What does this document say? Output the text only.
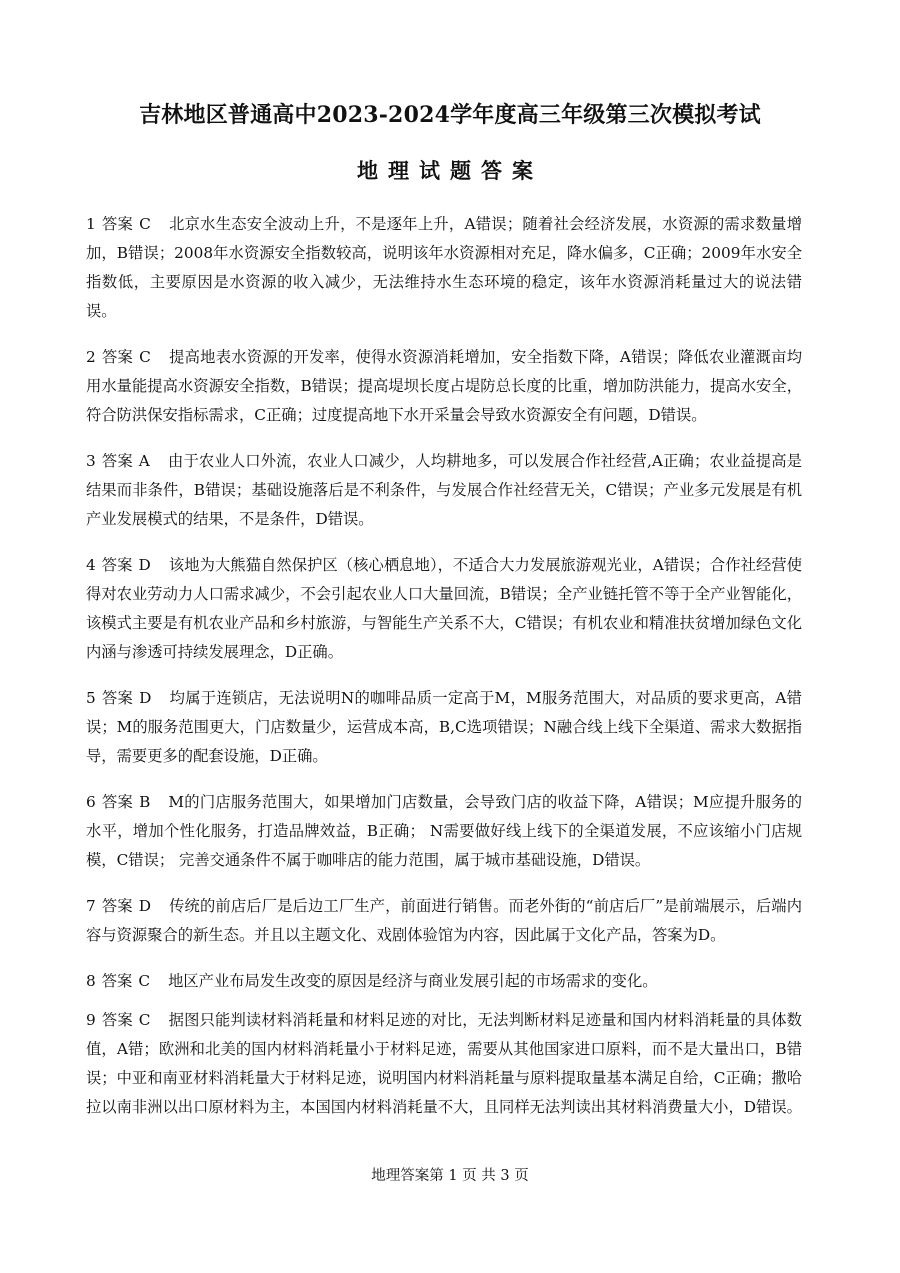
吉林地区普通高中2023-2024学年度高三年级第三次模拟考试
地理试题答案

1 答案 C 北京水生态安全波动上升，不是逐年上升，A错误；随着社会经济发展，水资源的需求数量增加，B错误；2008年水资源安全指数较高，说明该年水资源相对充足，降水偏多，C正确；2009年水安全指数低，主要原因是水资源的收入减少，无法维持水生态环境的稳定，该年水资源消耗量过大的说法错误。

2 答案 C 提高地表水资源的开发率，使得水资源消耗增加，安全指数下降，A错误；降低农业灌溉亩均用水量能提高水资源安全指数，B错误；提高堤坝长度占堤防总长度的比重，增加防洪能力，提高水安全，符合防洪保安指标需求，C正确；过度提高地下水开采量会导致水资源安全有问题，D错误。

3 答案 A 由于农业人口外流，农业人口减少，人均耕地多，可以发展合作社经营,A正确；农业益提高是结果而非条件，B错误；基础设施落后是不利条件，与发展合作社经营无关，C错误；产业多元发展是有机产业发展模式的结果，不是条件，D错误。

4 答案 D 该地为大熊猫自然保护区（核心栖息地），不适合大力发展旅游观光业，A错误；合作社经营使得对农业劳动力人口需求减少，不会引起农业人口大量回流，B错误；全产业链托管不等于全产业智能化，该模式主要是有机农业产品和乡村旅游，与智能生产关系不大，C错误；有机农业和精准扶贫增加绿色文化内涵与渗透可持续发展理念，D正确。

5 答案 D 均属于连锁店，无法说明N的咖啡品质一定高于M，M服务范围大，对品质的要求更高，A错误；M的服务范围更大，门店数量少，运营成本高，B,C选项错误；N融合线上线下全渠道、需求大数据指导，需要更多的配套设施，D正确。

6 答案 B M的门店服务范围大，如果增加门店数量，会导致门店的收益下降，A错误；M应提升服务的水平，增加个性化服务，打造品牌效益，B正确； N需要做好线上线下的全渠道发展，不应该缩小门店规模，C错误； 完善交通条件不属于咖啡店的能力范围，属于城市基础设施，D错误。

7 答案 D 传统的前店后厂是后边工厂生产，前面进行销售。而老外街的“前店后厂”是前端展示，后端内容与资源聚合的新生态。并且以主题文化、戏剧体验馆为内容，因此属于文化产品，答案为D。

8 答案 C 地区产业布局发生改变的原因是经济与商业发展引起的市场需求的变化。

9 答案 C 据图只能判读材料消耗量和材料足迹的对比，无法判断材料足迹量和国内材料消耗量的具体数值，A错；欧洲和北美的国内材料消耗量小于材料足迹，需要从其他国家进口原料，而不是大量出口，B错误；中亚和南亚材料消耗量大于材料足迹，说明国内材料消耗量与原料提取量基本满足自给，C正确；撒哈拉以南非洲以出口原材料为主，本国国内材料消耗量不大，且同样无法判读出其材料消费量大小，D错误。

地理答案第 1 页 共 3 页
